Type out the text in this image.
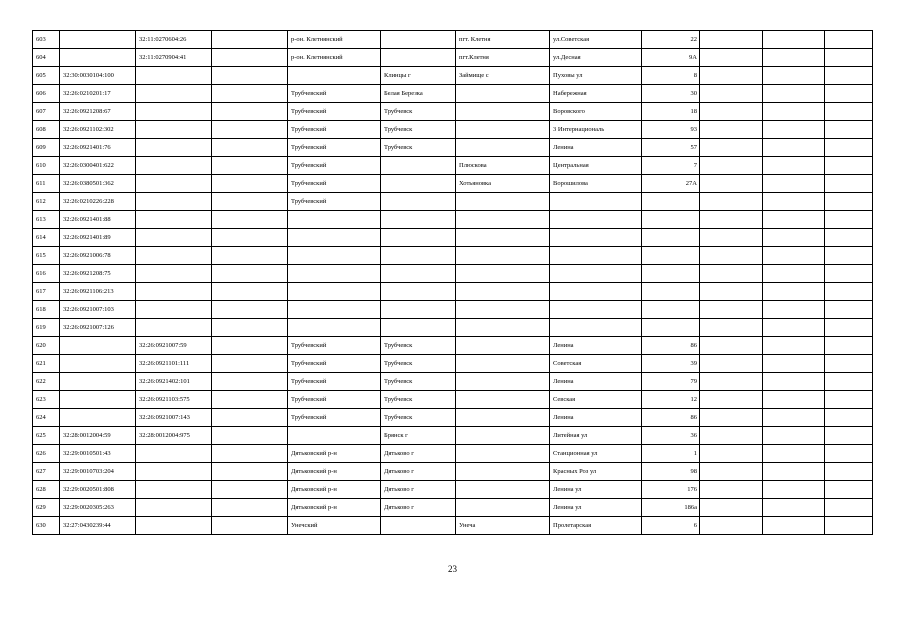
603		32:11:0270604:26		р-он. Клетнянский		пгт. Клетня	ул.Советская	22			
604		32:11:0270904:41		р-он. Клетнянский		пгт.Клетня	ул.Десная	9А			
605	32:30:0030104:100				Клинцы г	Займище с	Пуховы ул	8			
606	32:26:0210201:17			Трубчевский	Белая Березка		Набережная	30			
607	32:26:0921208:67			Трубчевский	Трубчевск		Воровского	18			
608	32:26:0921102:302			Трубчевский	Трубчевск		3 Интернациональ	93			
609	32:26:0921401:76			Трубчевский	Трубчевск		Ленина	57			
610	32:26:0300401:622			Трубчевский		Плюскова	Центральная	7			
611	32:26:0380501:362			Трубчевский		Хотьяновка	Ворошилова	27А			
612	32:26:0210226:228			Трубчевский							
613	32:26:0921401:88										
614	32:26:0921401:89										
615	32:26:0921006:78										
616	32:26:0921208:75										
617	32:26:0921106:213										
618	32:26:0921007:103										
619	32:26:0921007:126										
620		32:26:0921007:59		Трубчевский	Трубчевск		Ленина	86			
621		32:26:0921101:111		Трубчевский	Трубчевск		Советская	39			
622		32:26:0921402:101		Трубчевский	Трубчевск		Ленина	79			
623		32:26:0921103:575		Трубчевский	Трубчевск		Севская	12			
624		32:26:0921007:143		Трубчевский	Трубчевск		Ленина	86			
625	32:28:0012004:59	32:28:0012004:975			Брянск г		Литейная ул	36			
626	32:29:0010501:43			Дятьковский р-н	Дятьково г		Станционная ул	1			
627	32:29:0010703:204			Дятьковский р-н	Дятьково г		Красных Роз ул	98			
628	32:29:0020501:808			Дятьковский р-н	Дятьково г		Ленина ул	176			
629	32:29:0020305:263			Дятьковский р-н	Дятьково г		Ленина ул	186а			
630	32:27:0430239:44			Унечский		Унеча	Пролетарская	6			
23
